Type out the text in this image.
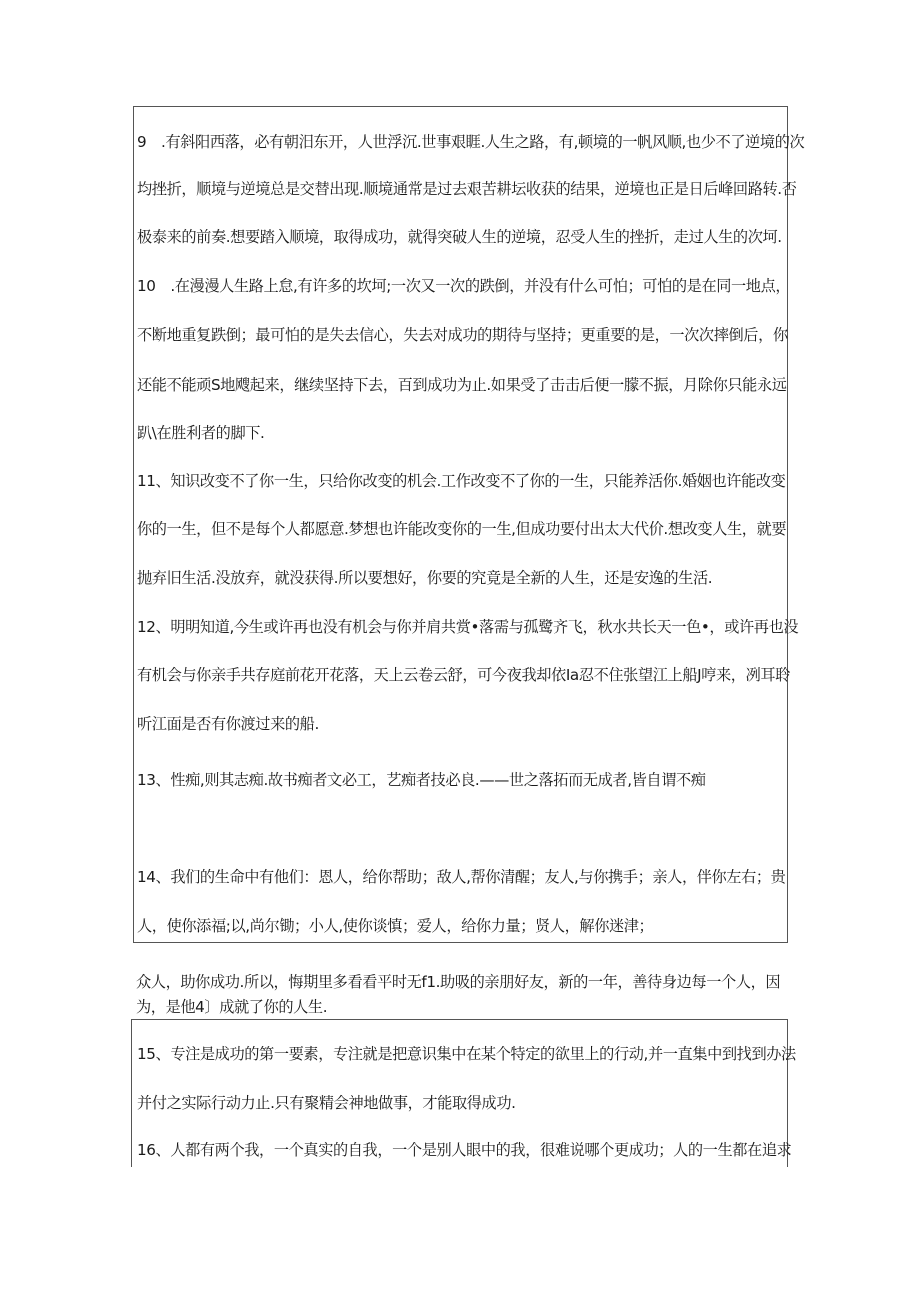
9　.有斜阳西落，必有朝汨东开，人世浮沉.世事艰睚.人生之路，有,顿境的一帆风顺,也少不了逆境的次
均挫折，顺境与逆境总是交替出现.顺境通常是过去艰苦耕坛收获的结果，逆境也正是日后峰回路转.否
极泰来的前奏.想要踏入顺境，取得成功，就得突破人生的逆境，忍受人生的挫折，走过人生的次坷.
10　.在漫漫人生路上怠,有许多的坎坷;一次又一次的跌倒，并没有什么可怕；可怕的是在同一地点，
不断地重复跌倒；最可怕的是失去信心，失去对成功的期待与坚持；更重要的是，一次次摔倒后，你
还能不能顽S地飕起来，继续坚持下去，百到成功为止.如果受了击击后便一朦不振，月除你只能永远
趴\在胜利者的脚下.
11、知识改变不了你一生，只给你改变的机会.工作改变不了你的一生，只能养活你.婚姻也许能改变
你的一生，但不是每个人都愿意.梦想也许能改变你的一生,但成功要付出太大代价.想改变人生，就要
抛弃旧生活.没放弃，就没获得.所以要想好，你要的究竟是全新的人生，还是安逸的生活.
12、明明知道,今生或许再也没有机会与你并肩共赏•落需与孤鹭齐飞，秋水共长天一色•，或许再也没
有机会与你亲手共存庭前花开花落，天上云卷云舒，可今夜我却依Ia忍不住张望江上船J哼来，冽耳聆
听江面是否有你渡过来的船.
13、性痴,则其志痴.故书痴者文必工，艺痴者技必良.——世之落拓而无成者,皆自谓不痴
14、我们的生命中有他们：恩人，给你帮助；敌人,帮你清醒；友人,与你携手；亲人，伴你左右；贵
人，使你添福;以,尚尔锄；小人,使你谈慎；爱人，给你力量；贤人，解你迷津；
众人，助你成功.所以，悔期里多看看平时无f1.助吸的亲朋好友，新的一年，善待身边每一个人，因
为，是他4〕成就了你的人生.
15、专注是成功的第一要素，专注就是把意识集中在某个特定的欲里上的行动,并一直集中到找到办法
并付之实际行动力止.只有聚精会神地做事，才能取得成功.
16、人都有两个我，一个真实的自我，一个是别人眼中的我，很难说哪个更成功；人的一生都在追求
